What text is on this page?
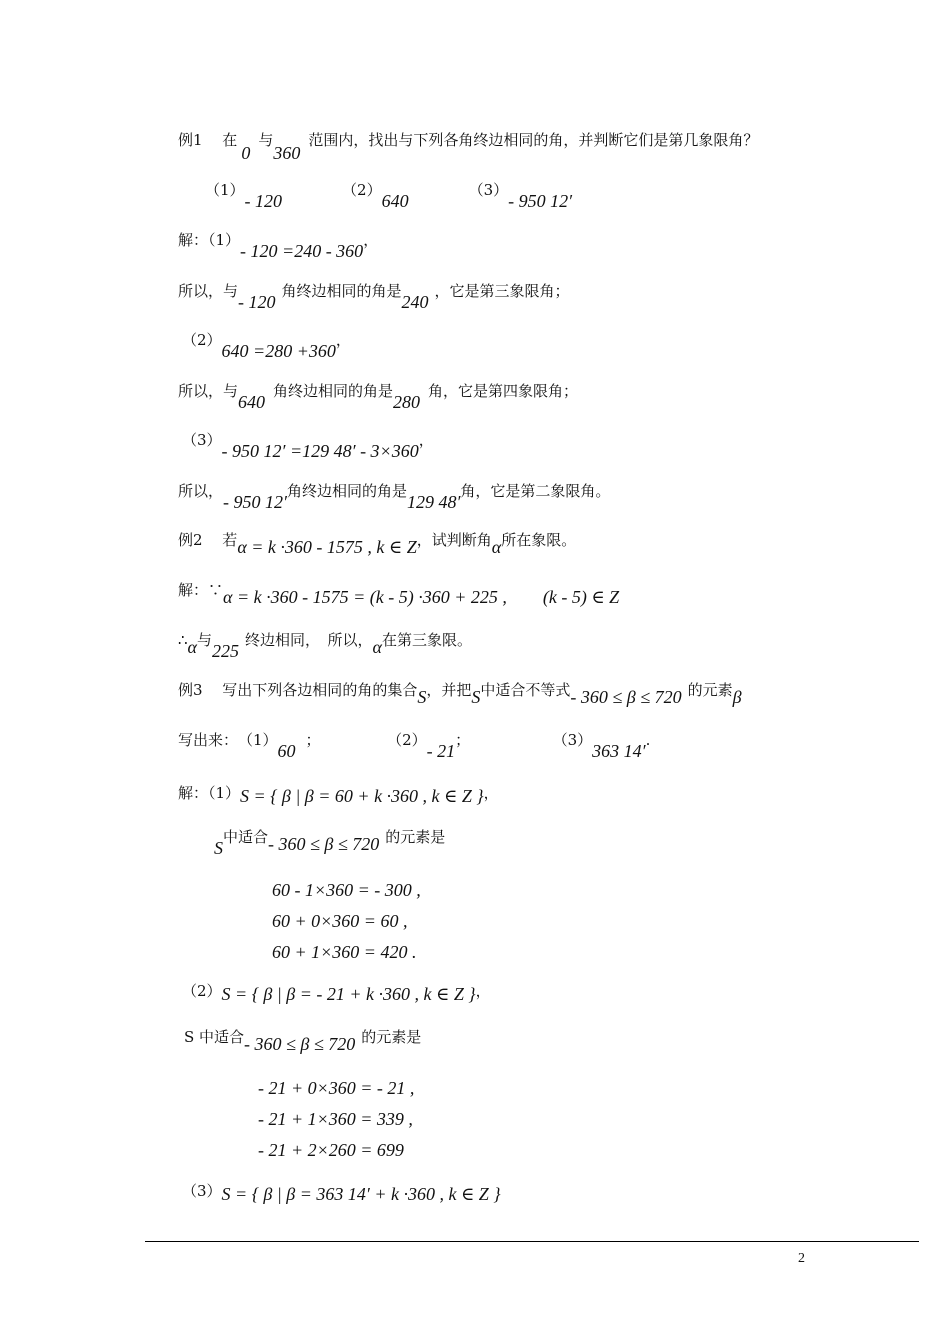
例1 　在0与360范围内，找出与下列各角终边相同的角，并判断它们是第几象限角？
（1）- 120（2）640（3）- 950 12′
解：（1）- 120 =240 - 360，
所以，与- 120角终边相同的角是240，它是第三象限角；
（2）640 =280 +360，
所以，与640角终边相同的角是280角，它是第四象限角；
（3）- 950 12′ =129 48′ - 3×360，
所以，- 950 12′角终边相同的角是129 48′角，它是第二象限角。
例2 　若α = k ·360 - 1575 , k ∈ Z，试判断角α所在象限。
解：∵α = k ·360 - 1575 = (k - 5) ·360 + 225 , (k - 5) ∈ Z
∴α与225终边相同，　所以，α在第三象限。
例3 　写出下列各边相同的角的集合S，并把S中适合不等式- 360 ≤ β ≤ 720 的元素β
写出来：　（1）60；	（2）- 21；	（3）363 14′.
解：（1）S = { β | β = 60 + k ·360 , k ∈ Z }，
S中适合- 360 ≤ β ≤ 720 的元素是
60 - 1×360 = - 300 ,
60 + 0×360 = 60 ,
60 + 1×360 = 420 .
（2）S = { β | β = - 21 + k ·360 , k ∈ Z }，
S 中适合- 360 ≤ β ≤ 720 的元素是
- 21 + 0×360 = - 21 ,
- 21 + 1×360 = 339 ,
- 21 + 2×260 = 699
（3）S = { β | β = 363 14′ + k ·360 , k ∈ Z }
2
